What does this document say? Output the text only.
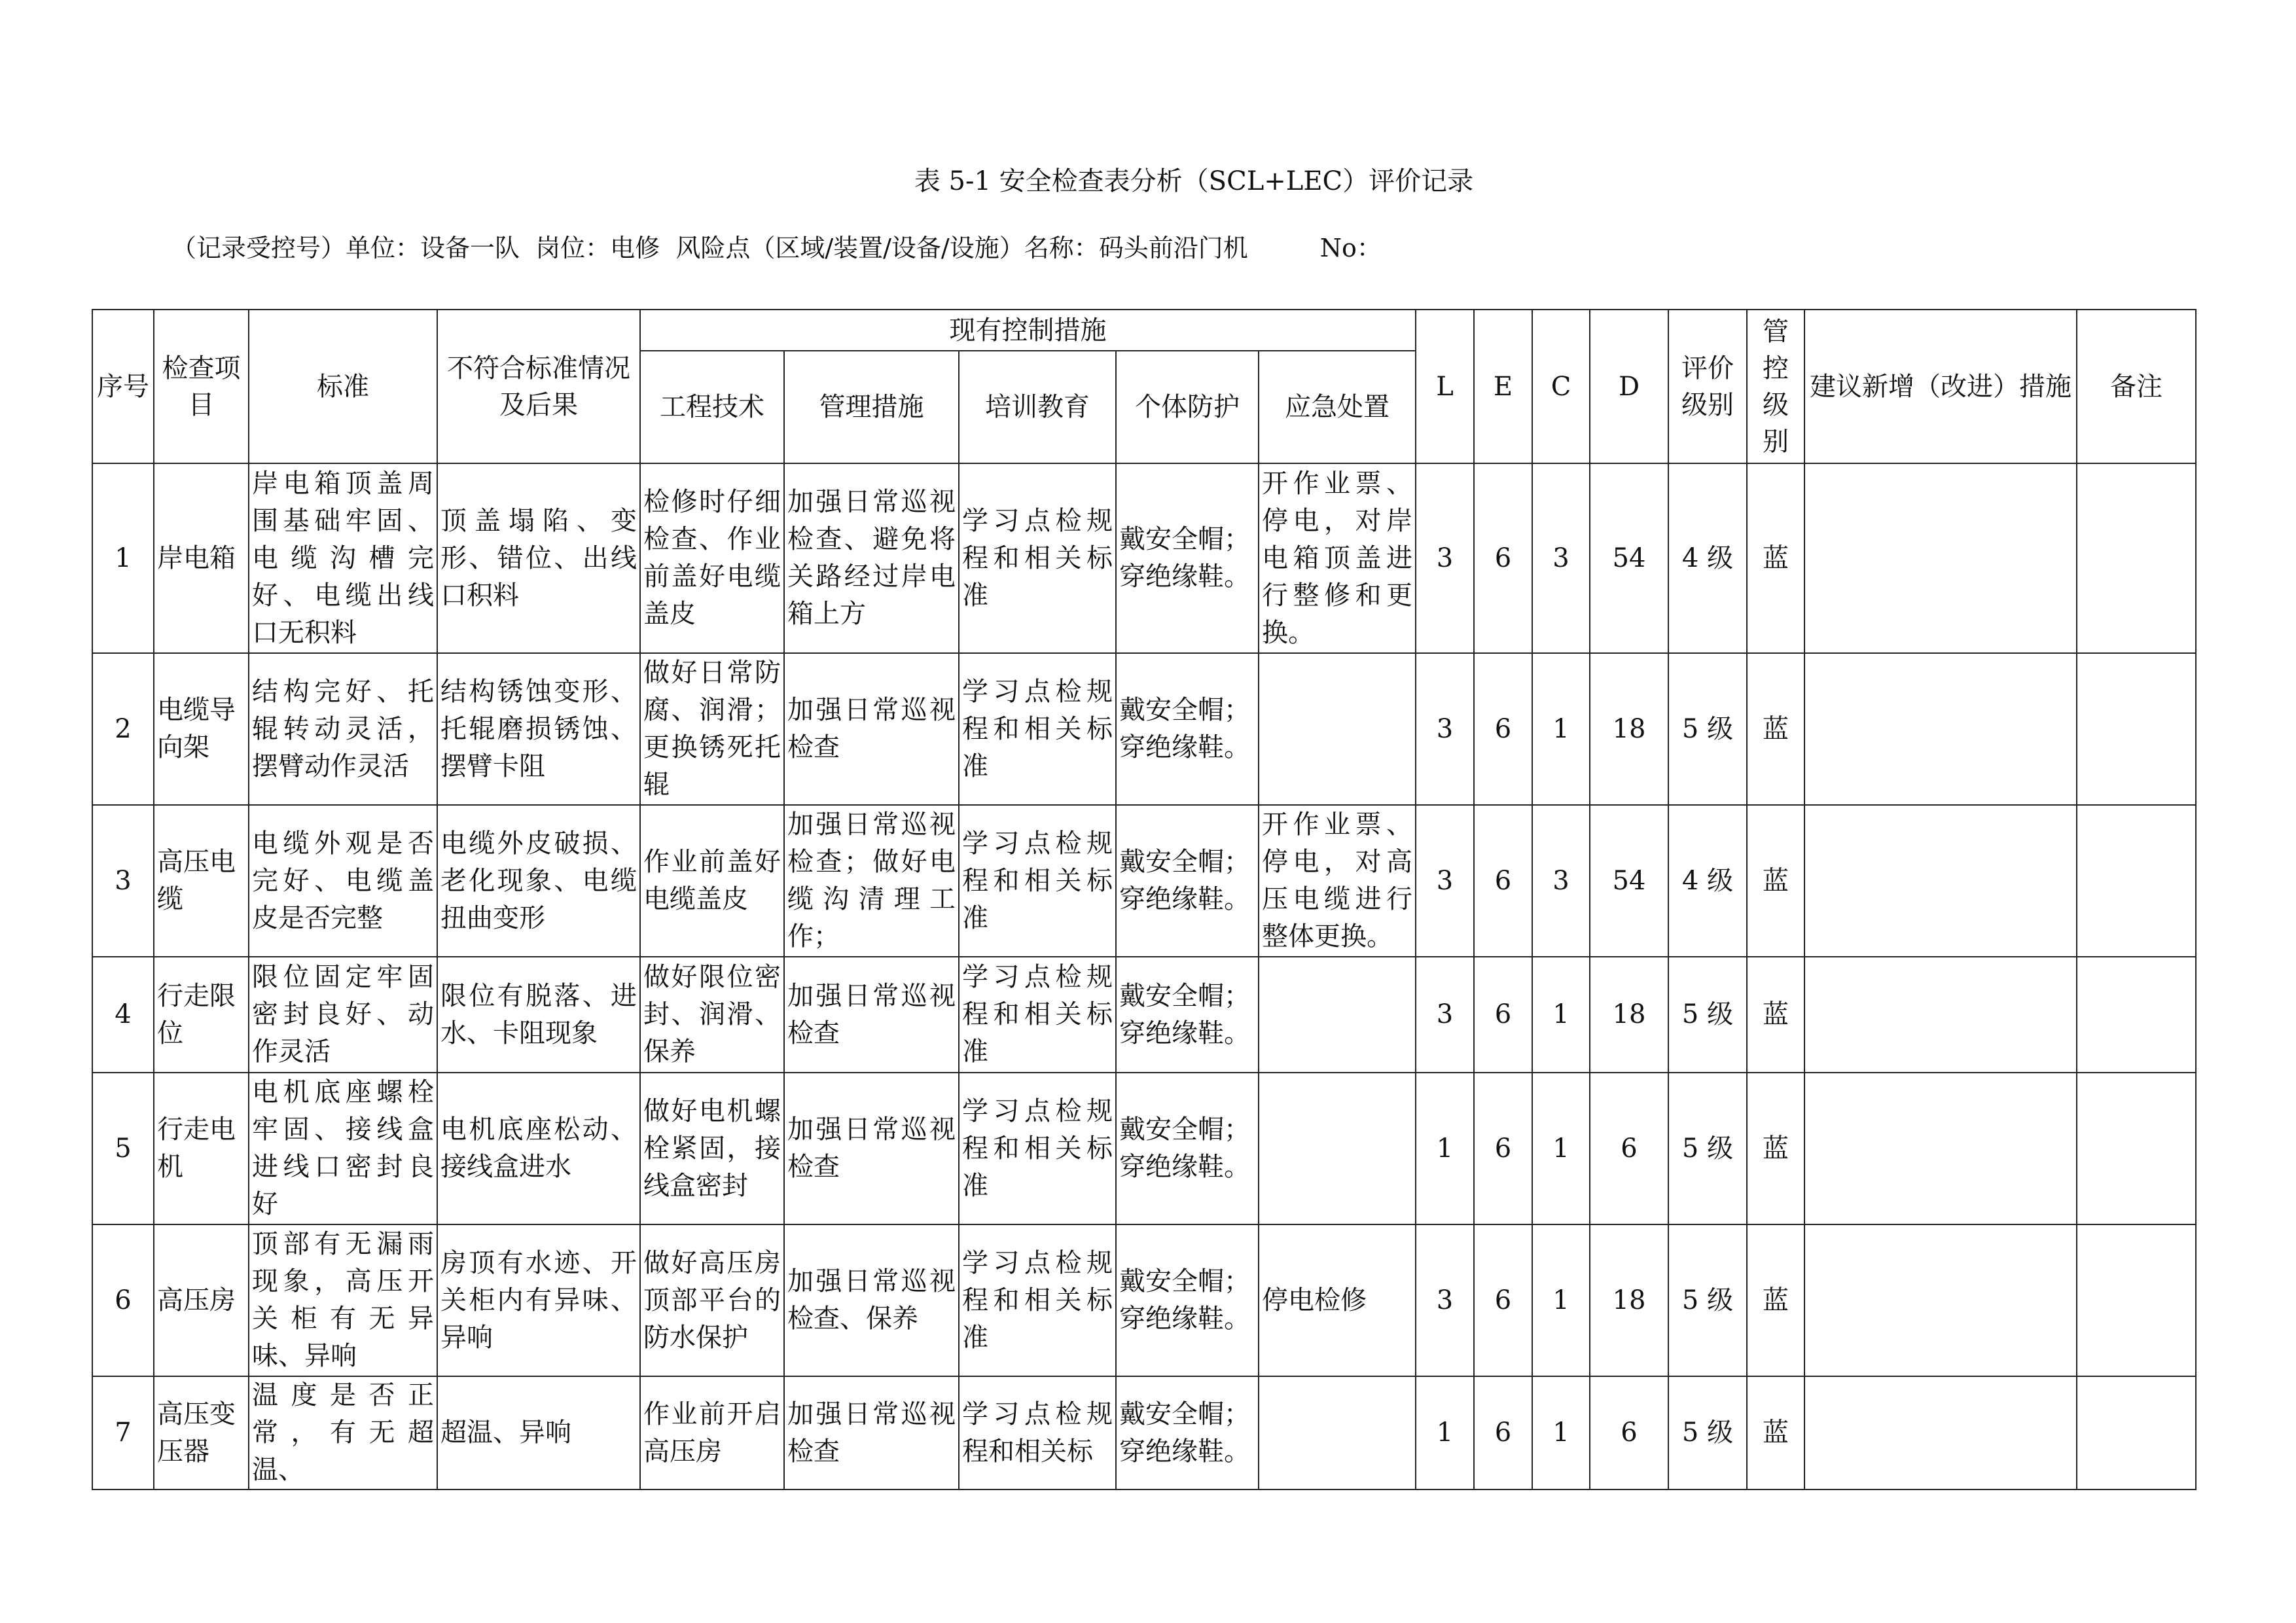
表 5-1 安全检查表分析（SCL+LEC）评价记录
（记录受控号）单位：设备一队  岗位：电修  风险点（区域/装置/设备/设施）名称：码头前沿门机	No：
序号	检查项目	标准	不符合标准情况及后果	现有控制措施					L	E	C	D	评价级别	管控级别	建议新增（改进）措施	备注
				工程技术	管理措施	培训教育	个体防护	应急处置								
1	岸电箱	岸电箱顶盖周围基础牢固、电缆沟槽完好、电缆出线口无积料	顶盖塌陷、变形、错位、出线口积料	检修时仔细检查、作业前盖好电缆盖皮	加强日常巡视检查、避免将关路经过岸电箱上方	学习点检规程和相关标准	戴安全帽；穿绝缘鞋。	开作业票、停电，对岸电箱顶盖进行整修和更换。	3	6	3	54	4 级	蓝		
2	电缆导向架	结构完好、托辊转动灵活，摆臂动作灵活	结构锈蚀变形、托辊磨损锈蚀、摆臂卡阻	做好日常防腐、润滑；更换锈死托辊	加强日常巡视检查	学习点检规程和相关标准	戴安全帽；穿绝缘鞋。		3	6	1	18	5 级	蓝		
3	高压电缆	电缆外观是否完好、电缆盖皮是否完整	电缆外皮破损、老化现象、电缆扭曲变形	作业前盖好电缆盖皮	加强日常巡视检查；做好电缆沟清理工作；	学习点检规程和相关标准	戴安全帽；穿绝缘鞋。	开作业票、停电，对高压电缆进行整体更换。	3	6	3	54	4 级	蓝		
4	行走限位	限位固定牢固密封良好、动作灵活	限位有脱落、进水、卡阻现象	做好限位密封、润滑、保养	加强日常巡视检查	学习点检规程和相关标准	戴安全帽；穿绝缘鞋。		3	6	1	18	5 级	蓝		
5	行走电机	电机底座螺栓牢固、接线盒进线口密封良好	电机底座松动、接线盒进水	做好电机螺栓紧固，接线盒密封	加强日常巡视检查	学习点检规程和相关标准	戴安全帽；穿绝缘鞋。		1	6	1	6	5 级	蓝		
6	高压房	顶部有无漏雨现象，高压开关柜有无异味、异响	房顶有水迹、开关柜内有异味、异响	做好高压房顶部平台的防水保护	加强日常巡视检查、保养	学习点检规程和相关标准	戴安全帽；穿绝缘鞋。	停电检修	3	6	1	18	5 级	蓝		
7	高压变压器	温度是否正常，有无超温、	超温、异响	作业前开启高压房	加强日常巡视检查	学习点检规程和相关标	戴安全帽；穿绝缘鞋。		1	6	1	6	5 级	蓝		
